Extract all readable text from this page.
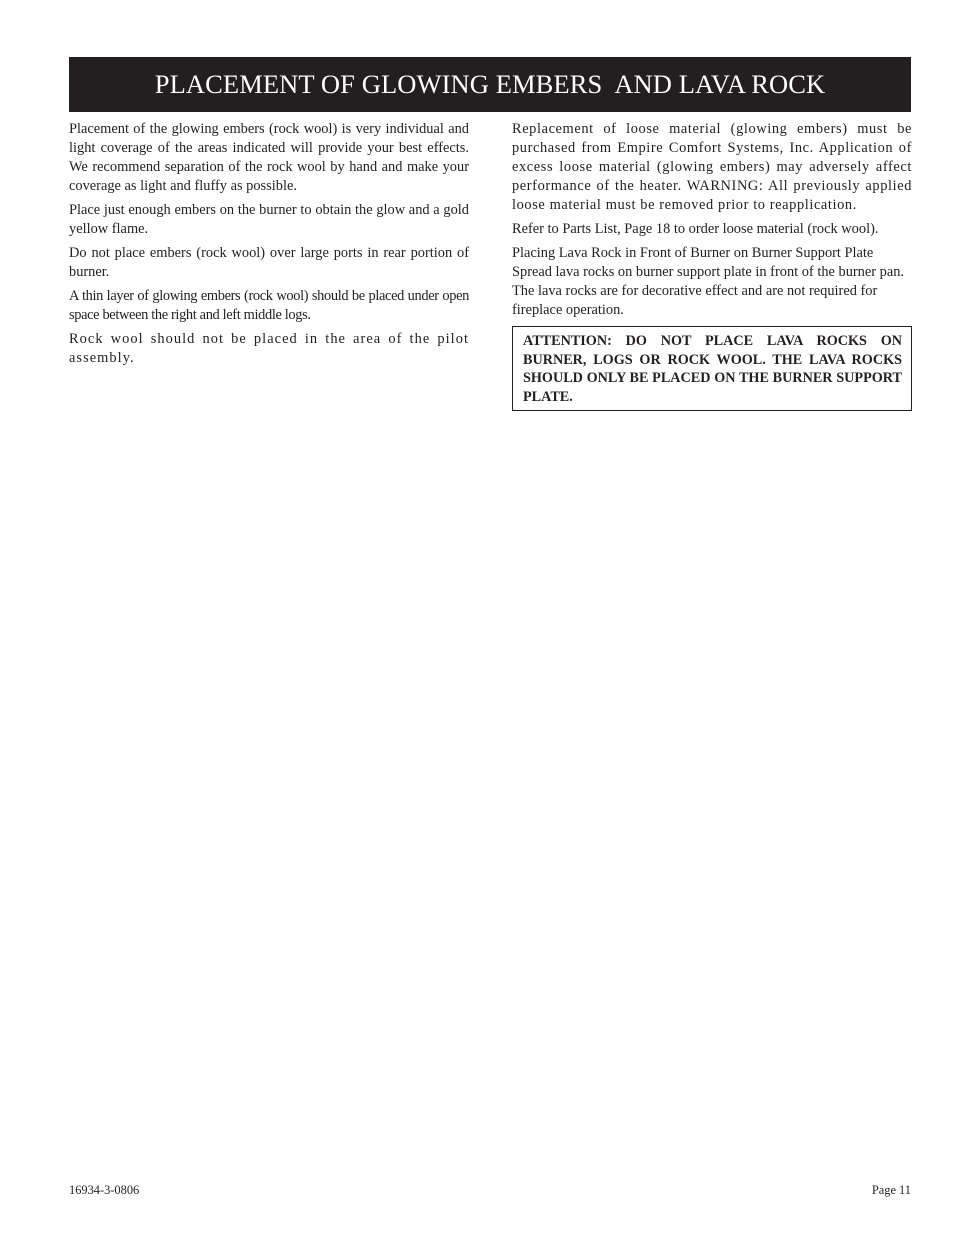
PLACEMENT OF GLOWING EMBERS  AND LAVA ROCK

Placement of the glowing embers (rock wool) is very individual and light coverage of the areas indicated will provide your best effects. We recommend separation of the rock wool by hand and make your coverage as light and fluffy as possible.

Place just enough embers on the burner to obtain the glow and a gold yellow flame.

Do not place embers (rock wool) over large ports in rear portion of burner.

A thin layer of glowing embers (rock wool) should be placed under open space between the right and left middle logs.

Rock wool should not be placed in the area of the pilot assembly.

Replacement of loose material (glowing embers) must be purchased from Empire Comfort Systems, Inc. Application of excess loose material (glowing embers) may adversely affect performance of the heater. WARNING: All previously applied loose material must be removed prior to reapplication.

Refer to Parts List, Page 18 to order loose material (rock wool).

Placing Lava Rock in Front of Burner on Burner Support Plate
Spread lava rocks on burner support plate in front of the burner pan. The lava rocks are for decorative effect and are not required for fireplace operation.

ATTENTION: DO NOT PLACE LAVA ROCKS ON BURNER, LOGS OR ROCK WOOL. THE LAVA ROCKS SHOULD ONLY BE PLACED ON THE BURNER SUPPORT PLATE.
16934-3-0806	Page 11
